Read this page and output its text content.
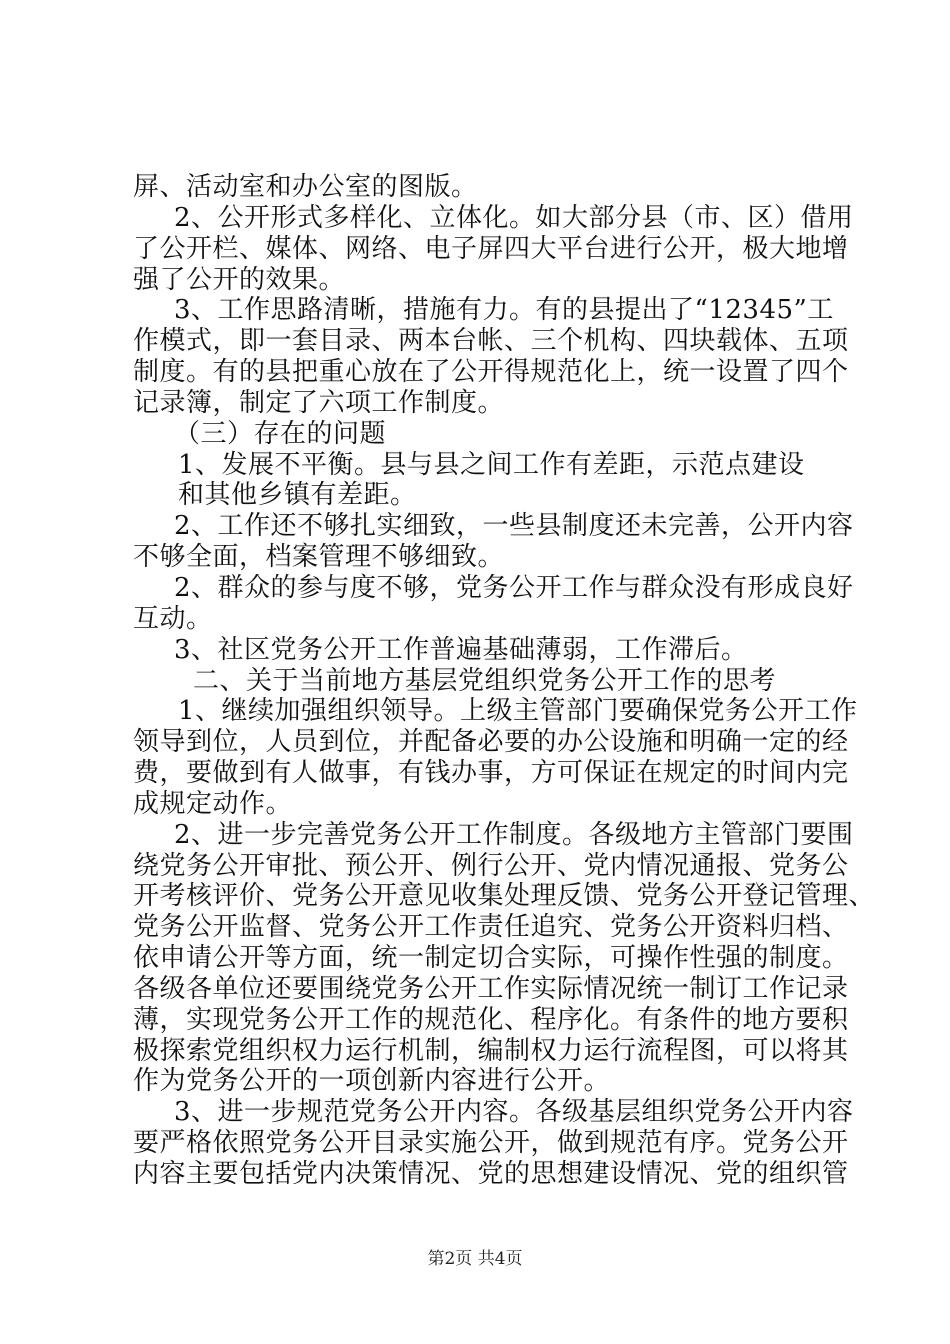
屏、活动室和办公室的图版。
2、公开形式多样化、立体化。如大部分县（市、区）借用
了公开栏、媒体、网络、电子屏四大平台进行公开，极大地增
强了公开的效果。
3、工作思路清晰，措施有力。有的县提出了“12345”工
作模式，即一套目录、两本台帐、三个机构、四块载体、五项
制度。有的县把重心放在了公开得规范化上，统一设置了四个
记录簿，制定了六项工作制度。
（三）存在的问题
1、发展不平衡。县与县之间工作有差距，示范点建设
和其他乡镇有差距。
2、工作还不够扎实细致，一些县制度还未完善，公开内容
不够全面，档案管理不够细致。
2、群众的参与度不够，党务公开工作与群众没有形成良好
互动。
3、社区党务公开工作普遍基础薄弱，工作滞后。
二、关于当前地方基层党组织党务公开工作的思考
1、继续加强组织领导。上级主管部门要确保党务公开工作
领导到位，人员到位，并配备必要的办公设施和明确一定的经
费，要做到有人做事，有钱办事，方可保证在规定的时间内完
成规定动作。
2、进一步完善党务公开工作制度。各级地方主管部门要围
绕党务公开审批、预公开、例行公开、党内情况通报、党务公
开考核评价、党务公开意见收集处理反馈、党务公开登记管理、
党务公开监督、党务公开工作责任追究、党务公开资料归档、
依申请公开等方面，统一制定切合实际，可操作性强的制度。
各级各单位还要围绕党务公开工作实际情况统一制订工作记录
薄，实现党务公开工作的规范化、程序化。有条件的地方要积
极探索党组织权力运行机制，编制权力运行流程图，可以将其
作为党务公开的一项创新内容进行公开。
3、进一步规范党务公开内容。各级基层组织党务公开内容
要严格依照党务公开目录实施公开，做到规范有序。党务公开
内容主要包括党内决策情况、党的思想建设情况、党的组织管
第2页 共4页
